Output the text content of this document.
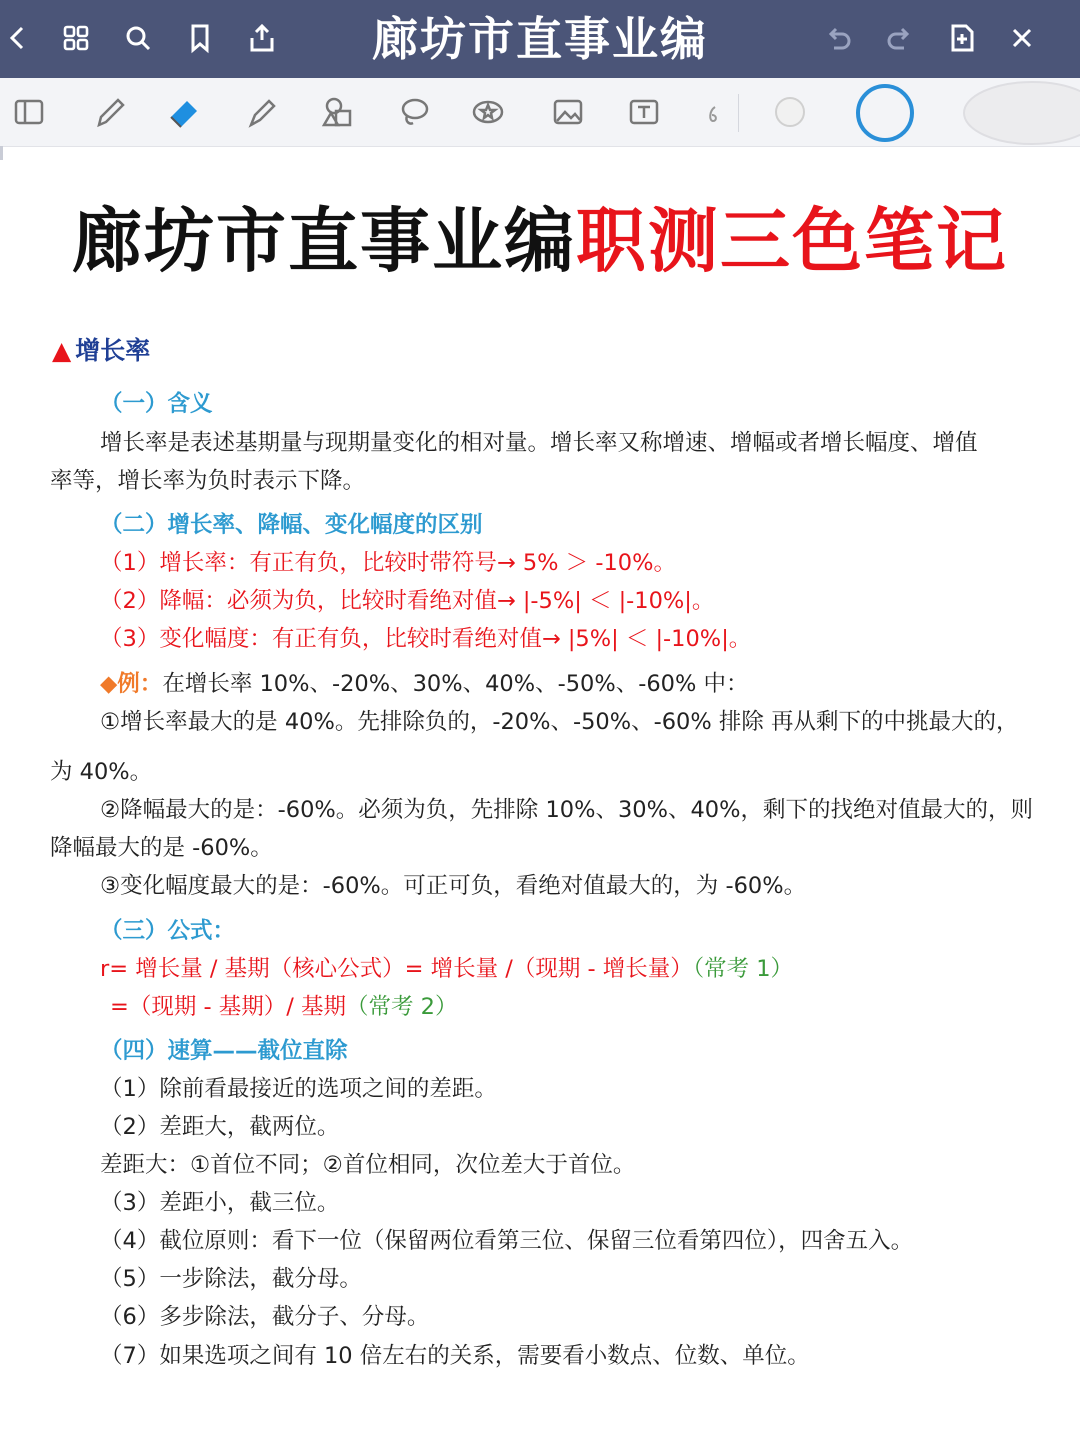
廊坊市直事业编
廊坊市直事业编职测三色笔记
▲ 增长率
（一）含义
增长率是表述基期量与现期量变化的相对量。增长率又称增速、增幅或者增长幅度、增值
率等，增长率为负时表示下降。
（二）增长率、降幅、变化幅度的区别
（1）增长率：有正有负，比较时带符号→ 5% ＞ -10%。
（2）降幅：必须为负，比较时看绝对值→ |-5%| ＜ |-10%|。
（3）变化幅度：有正有负，比较时看绝对值→ |5%| ＜ |-10%|。
◆例：在增长率 10%、-20%、30%、40%、-50%、-60% 中：
①增长率最大的是 40%。先排除负的，-20%、-50%、-60% 排除 再从剩下的中挑最大的，
为 40%。
②降幅最大的是：-60%。必须为负，先排除 10%、30%、40%，剩下的找绝对值最大的，则
降幅最大的是 -60%。
③变化幅度最大的是：-60%。可正可负，看绝对值最大的，为 -60%。
（三）公式：
r= 增长量 / 基期（核心公式）= 增长量 /（现期 - 增长量）（常考 1）
=（现期 - 基期）/ 基期（常考 2）
（四）速算——截位直除
（1）除前看最接近的选项之间的差距。
（2）差距大，截两位。
差距大：①首位不同；②首位相同，次位差大于首位。
（3）差距小，截三位。
（4）截位原则：看下一位（保留两位看第三位、保留三位看第四位），四舍五入。
（5）一步除法，截分母。
（6）多步除法，截分子、分母。
（7）如果选项之间有 10 倍左右的关系，需要看小数点、位数、单位。
